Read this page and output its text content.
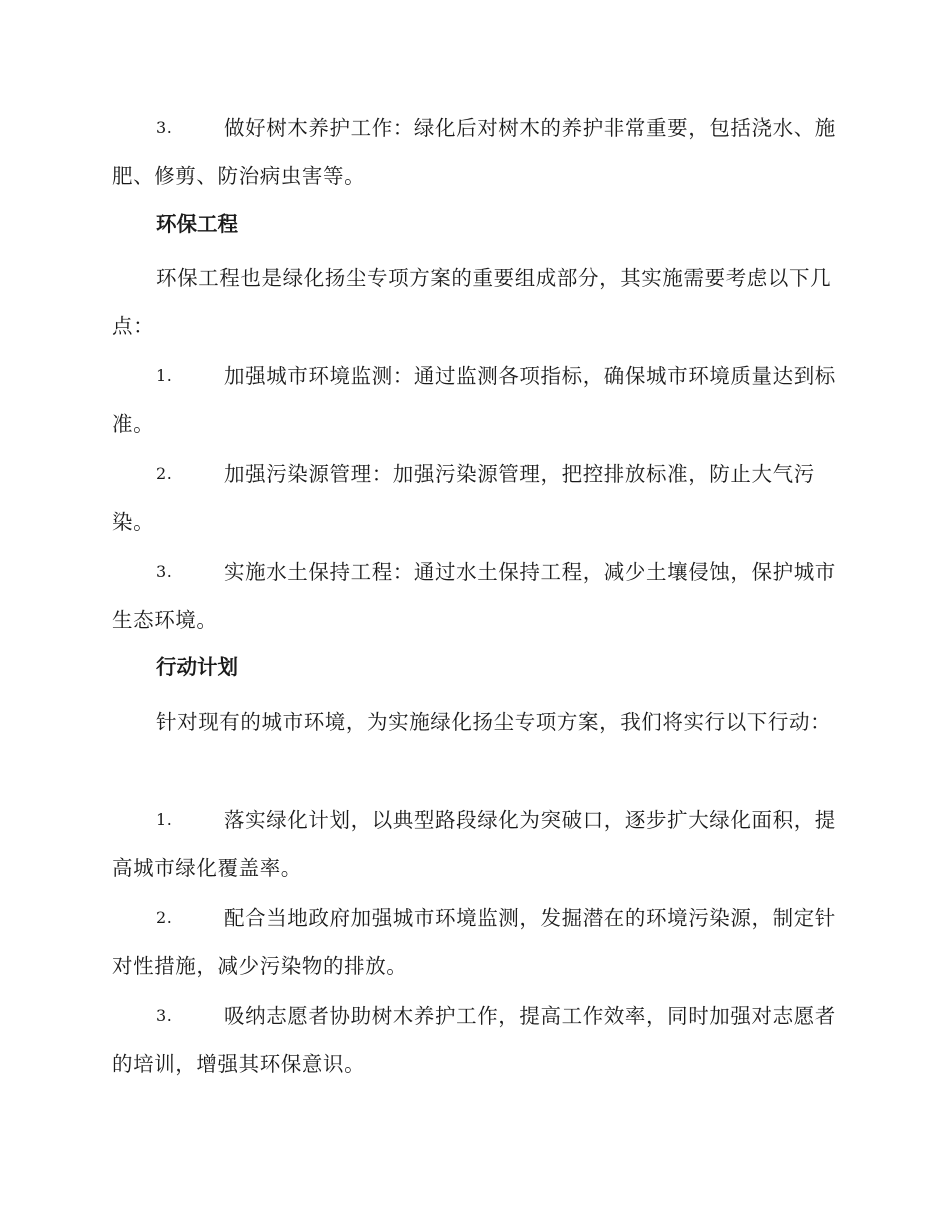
3.	做好树木养护工作：绿化后对树木的养护非常重要，包括浇水、施肥、修剪、防治病虫害等。
环保工程
环保工程也是绿化扬尘专项方案的重要组成部分，其实施需要考虑以下几点：
1.	加强城市环境监测：通过监测各项指标，确保城市环境质量达到标准。
2.	加强污染源管理：加强污染源管理，把控排放标准，防止大气污染。
3.	实施水土保持工程：通过水土保持工程，减少土壤侵蚀，保护城市生态环境。
行动计划
针对现有的城市环境，为实施绿化扬尘专项方案，我们将实行以下行动：
1.	落实绿化计划，以典型路段绿化为突破口，逐步扩大绿化面积，提高城市绿化覆盖率。
2.	配合当地政府加强城市环境监测，发掘潜在的环境污染源，制定针对性措施，减少污染物的排放。
3.	吸纳志愿者协助树木养护工作，提高工作效率，同时加强对志愿者的培训，增强其环保意识。
